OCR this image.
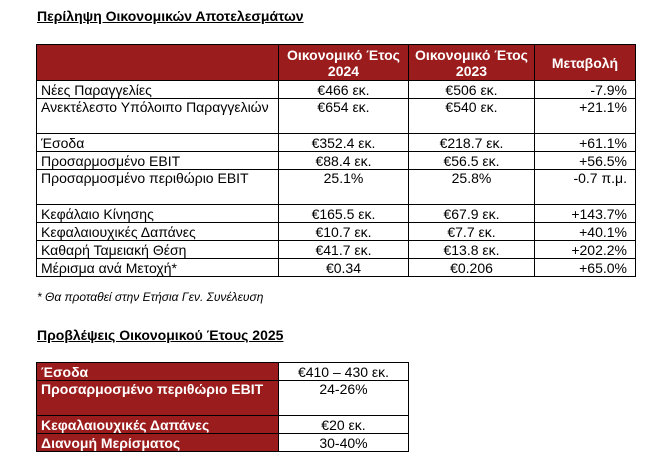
Περίληψη Οικονομικών Αποτελεσμάτων
	Οικονομικό Έτος 2024	Οικονομικό Έτος 2023	Μεταβολή
Νέες Παραγγελίες	€466 εκ.	€506 εκ.	-7.9%
Ανεκτέλεστο Υπόλοιπο Παραγγελιών	€654 εκ.	€540 εκ.	+21.1%
Έσοδα	€352.4 εκ.	€218.7 εκ.	+61.1%
Προσαρμοσμένο EBIT	€88.4 εκ.	€56.5 εκ.	+56.5%
Προσαρμοσμένο περιθώριο EBIT	25.1%	25.8%	-0.7 π.μ.
Κεφάλαιο Κίνησης	€165.5 εκ.	€67.9 εκ.	+143.7%
Κεφαλαιουχικές Δαπάνες	€10.7 εκ.	€7.7 εκ.	+40.1%
Καθαρή Ταμειακή Θέση	€41.7 εκ.	€13.8 εκ.	+202.2%
Μέρισμα ανά Μετοχή*	€0.34	€0.206	+65.0%
* Θα προταθεί στην Ετήσια Γεν. Συνέλευση
Προβλέψεις Οικονομικού Έτους 2025
Έσοδα	€410 – 430 εκ.
Προσαρμοσμένο περιθώριο EBIT	24-26%
Κεφαλαιουχικές Δαπάνες	€20 εκ.
Διανομή Μερίσματος	30-40%
